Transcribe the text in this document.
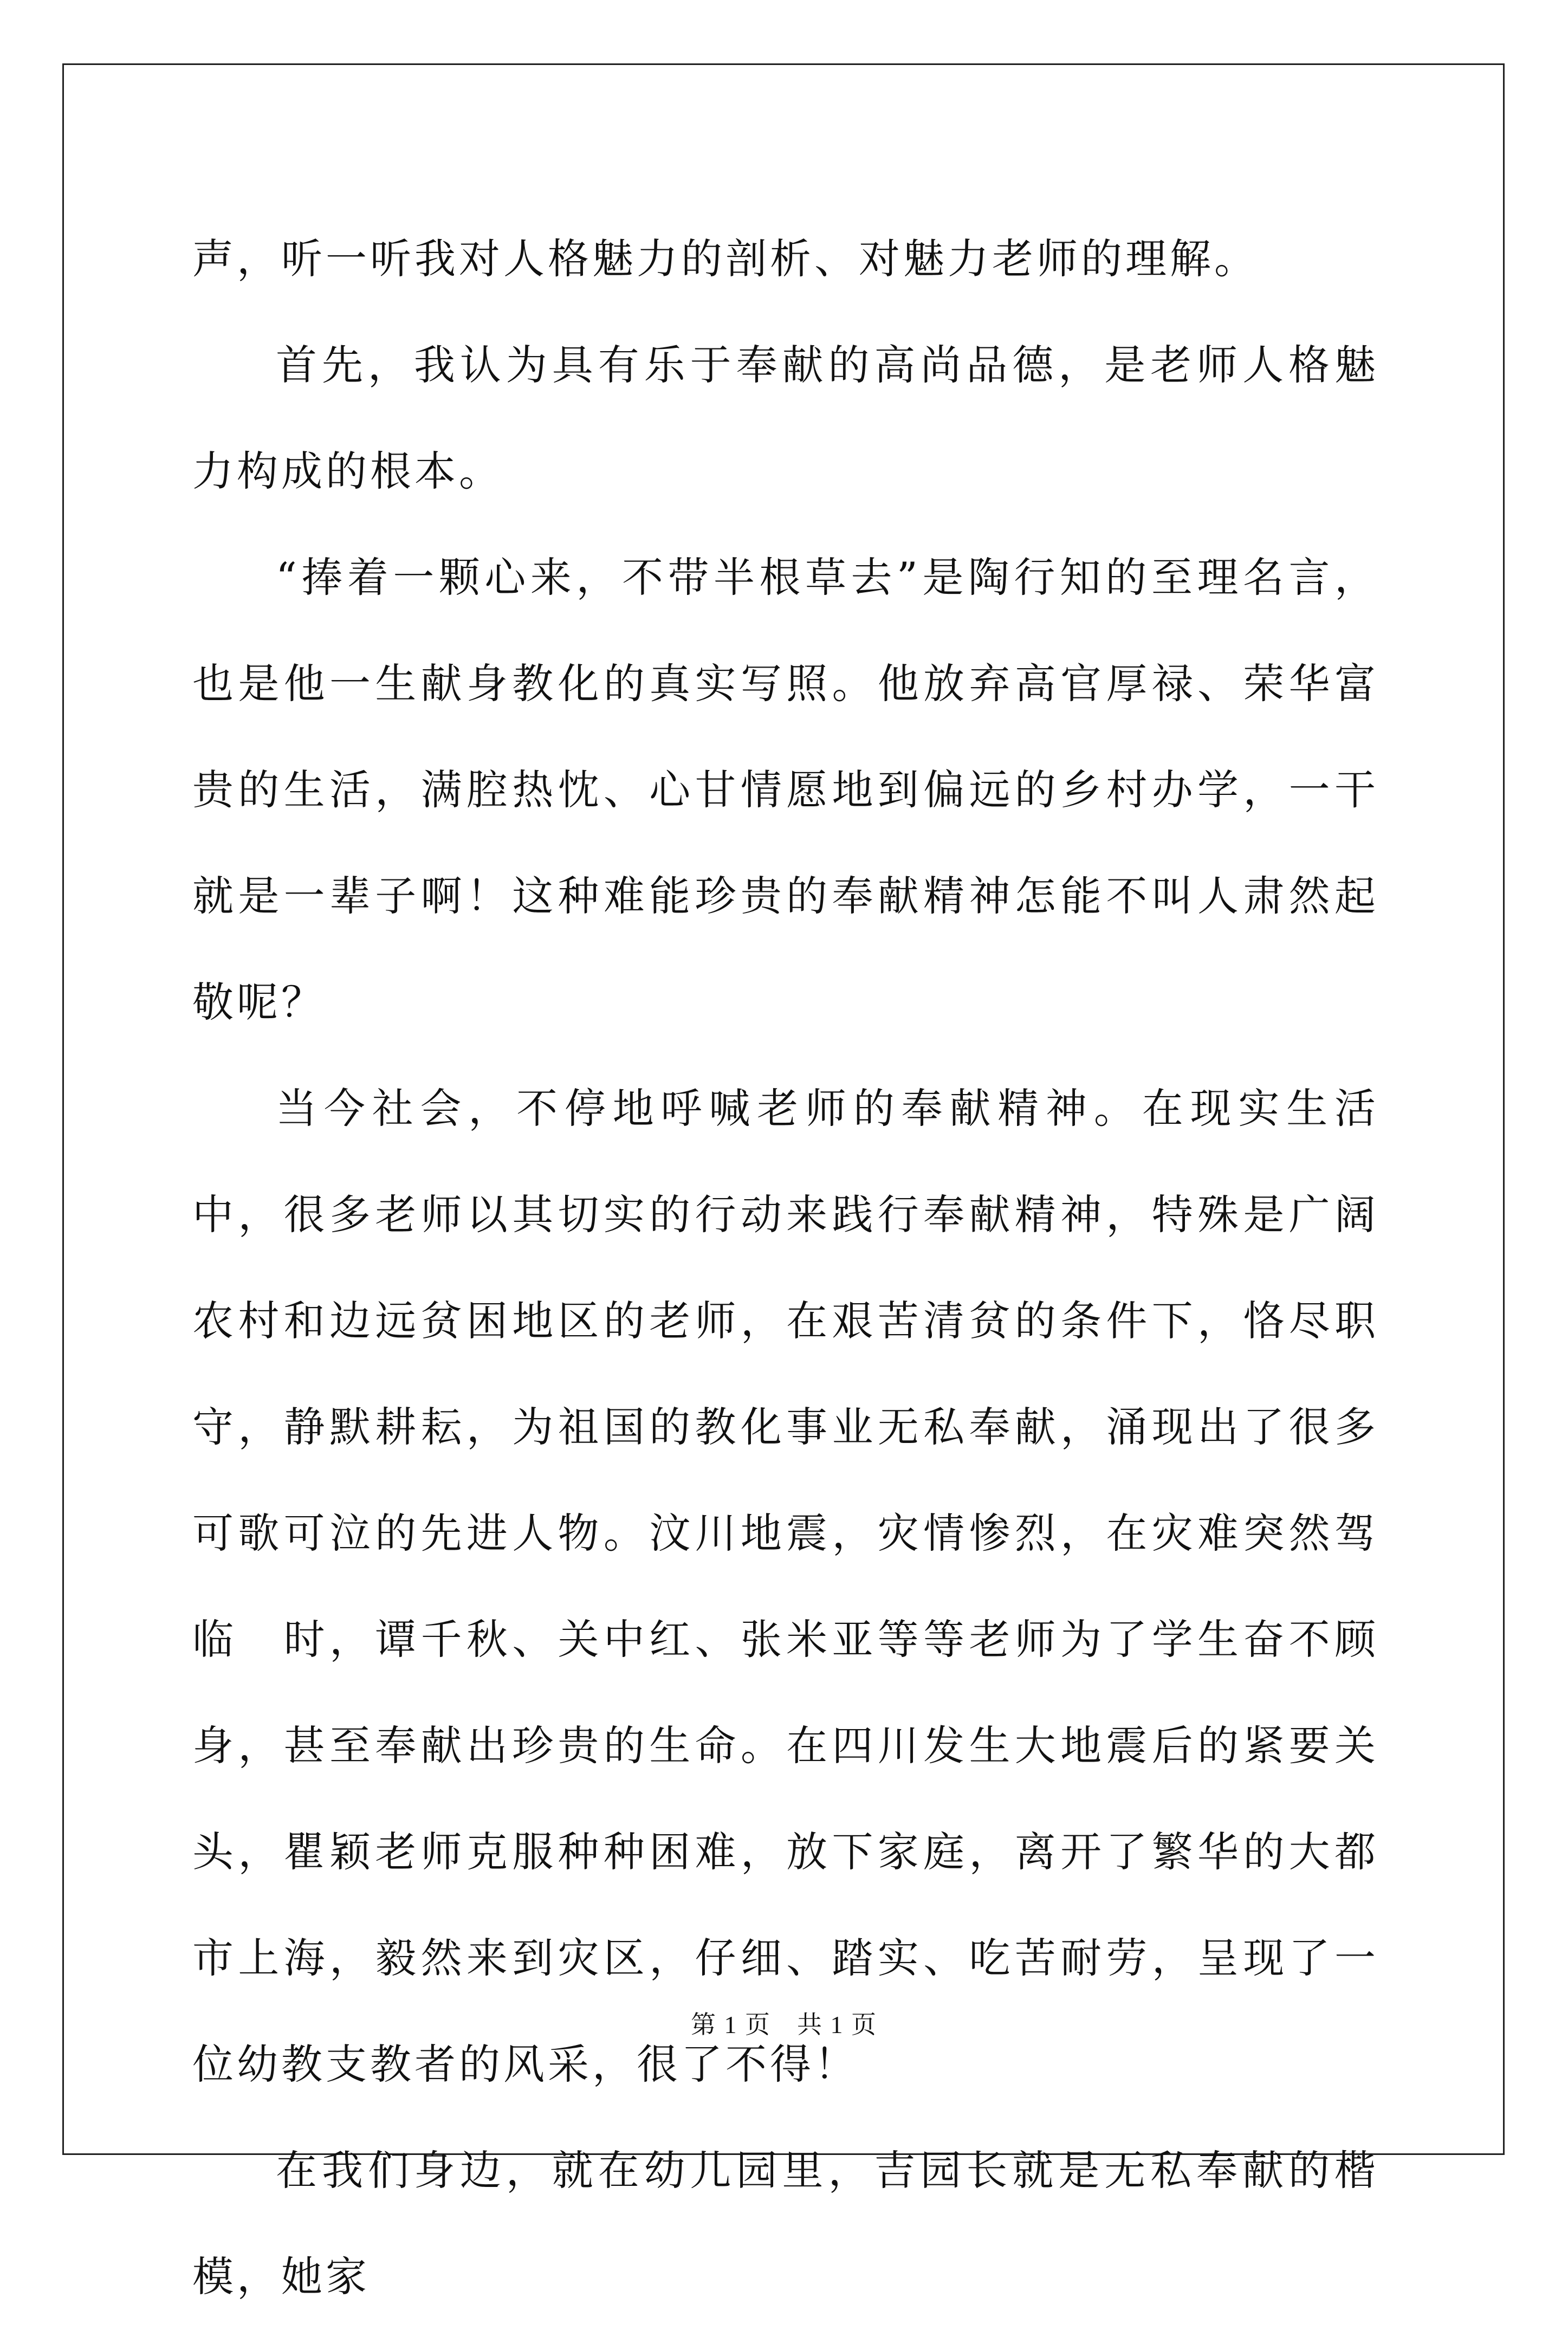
声，听一听我对人格魅力的剖析、对魅力老师的理解。

首先，我认为具有乐于奉献的高尚品德，是老师人格魅力构成的根本。

“捧着一颗心来，不带半根草去”是陶行知的至理名言，也是他一生献身教化的真实写照。他放弃高官厚禄、荣华富贵的生活，满腔热忱、心甘情愿地到偏远的乡村办学，一干就是一辈子啊！这种难能珍贵的奉献精神怎能不叫人肃然起敬呢？

当今社会，不停地呼喊老师的奉献精神。在现实生活中，很多老师以其切实的行动来践行奉献精神，特殊是广阔农村和边远贫困地区的老师，在艰苦清贫的条件下，恪尽职守，静默耕耘，为祖国的教化事业无私奉献，涌现出了很多可歌可泣的先进人物。汶川地震，灾情惨烈，在灾难突然驾临　时，谭千秋、关中红、张米亚等等老师为了学生奋不顾身，甚至奉献出珍贵的生命。在四川发生大地震后的紧要关头，瞿颖老师克服种种困难，放下家庭，离开了繁华的大都市上海，毅然来到灾区，仔细、踏实、吃苦耐劳，呈现了一位幼教支教者的风采，很了不得！

在我们身边，就在幼儿园里，吉园长就是无私奉献的楷模，她家

第 1 页　共 1 页
